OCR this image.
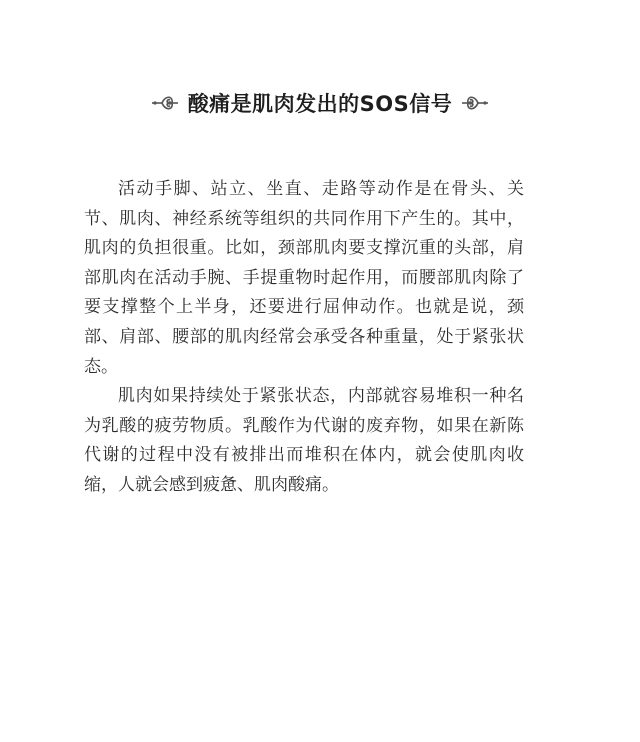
酸痛是肌肉发出的SOS信号

活动手脚、站立、坐直、走路等动作是在骨头、关节、肌肉、神经系统等组织的共同作用下产生的。其中，肌肉的负担很重。比如，颈部肌肉要支撑沉重的头部，肩部肌肉在活动手腕、手提重物时起作用，而腰部肌肉除了要支撑整个上半身，还要进行屈伸动作。也就是说，颈部、肩部、腰部的肌肉经常会承受各种重量，处于紧张状态。

肌肉如果持续处于紧张状态，内部就容易堆积一种名为乳酸的疲劳物质。乳酸作为代谢的废弃物，如果在新陈代谢的过程中没有被排出而堆积在体内，就会使肌肉收缩，人就会感到疲惫、肌肉酸痛。
